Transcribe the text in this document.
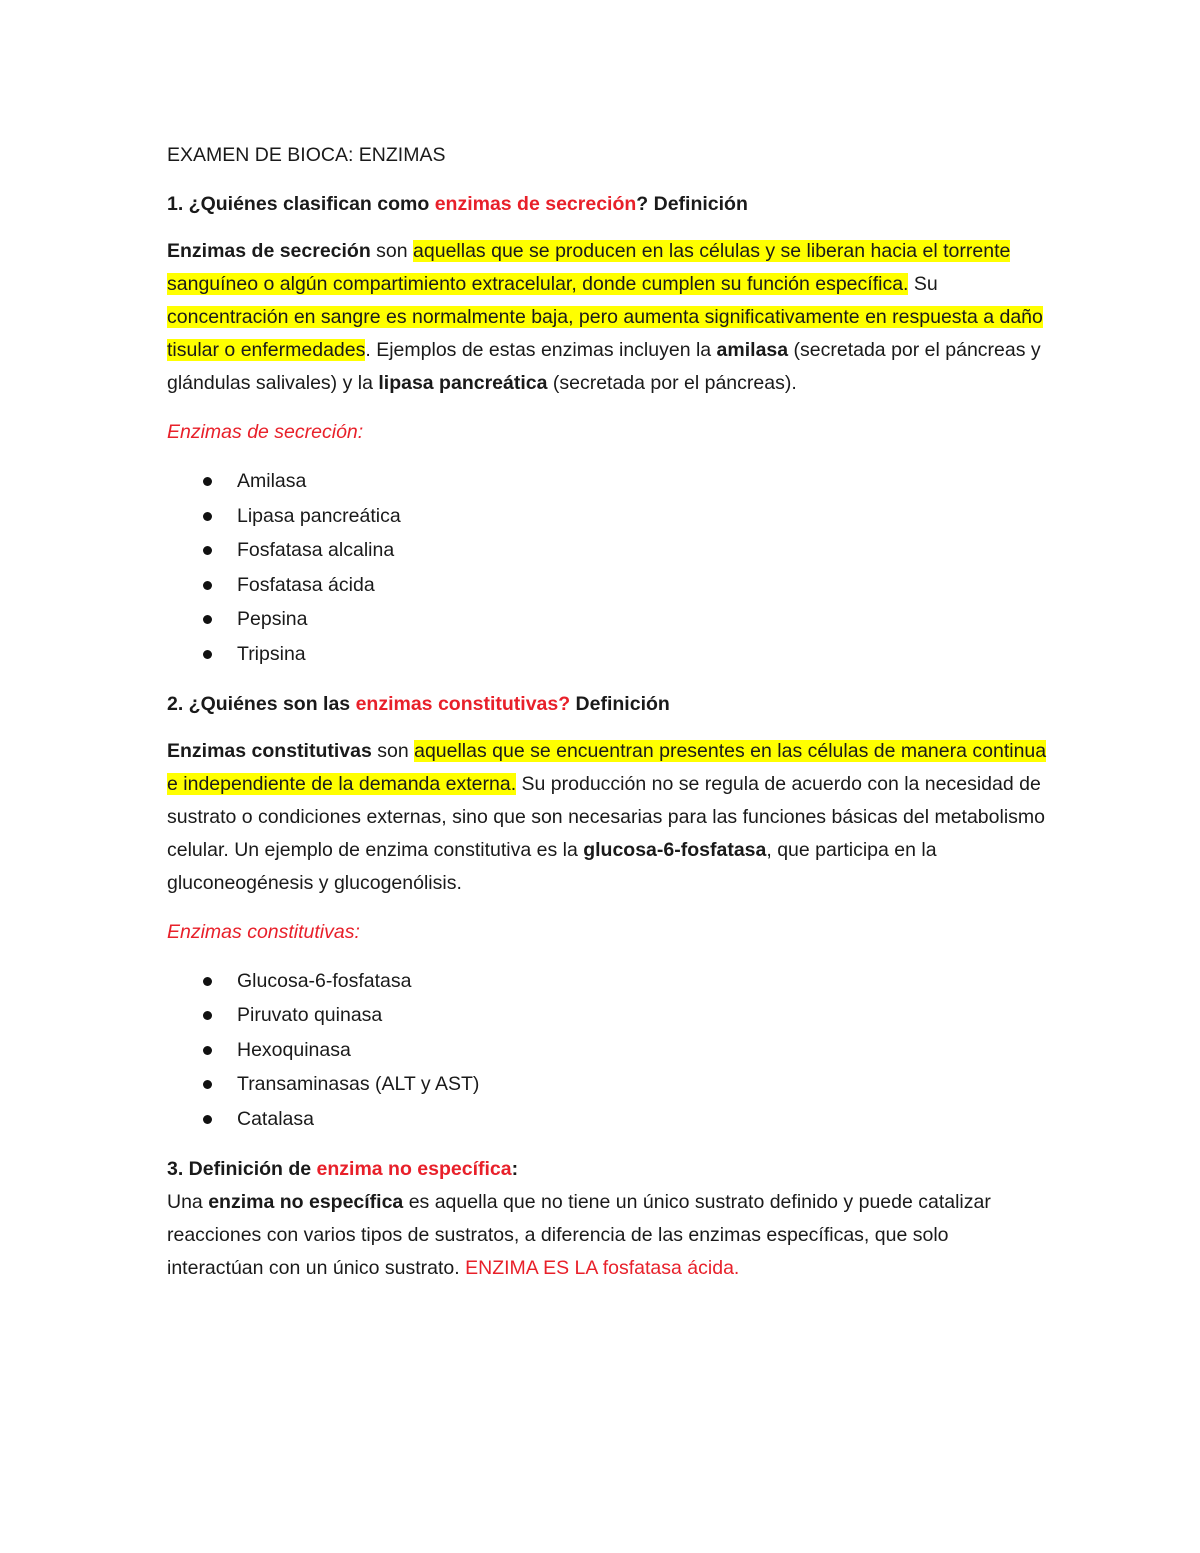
EXAMEN DE BIOCA: ENZIMAS
1. ¿Quiénes clasifican como enzimas de secreción? Definición
Enzimas de secreción son aquellas que se producen en las células y se liberan hacia el torrente sanguíneo o algún compartimiento extracelular, donde cumplen su función específica. Su concentración en sangre es normalmente baja, pero aumenta significativamente en respuesta a daño tisular o enfermedades. Ejemplos de estas enzimas incluyen la amilasa (secretada por el páncreas y glándulas salivales) y la lipasa pancreática (secretada por el páncreas).
Enzimas de secreción:
Amilasa
Lipasa pancreática
Fosfatasa alcalina
Fosfatasa ácida
Pepsina
Tripsina
2. ¿Quiénes son las enzimas constitutivas? Definición
Enzimas constitutivas son aquellas que se encuentran presentes en las células de manera continua e independiente de la demanda externa. Su producción no se regula de acuerdo con la necesidad de sustrato o condiciones externas, sino que son necesarias para las funciones básicas del metabolismo celular. Un ejemplo de enzima constitutiva es la glucosa-6-fosfatasa, que participa en la gluconeogénesis y glucogenólisis.
Enzimas constitutivas:
Glucosa-6-fosfatasa
Piruvato quinasa
Hexoquinasa
Transaminasas (ALT y AST)
Catalasa
3. Definición de enzima no específica:
Una enzima no específica es aquella que no tiene un único sustrato definido y puede catalizar reacciones con varios tipos de sustratos, a diferencia de las enzimas específicas, que solo interactúan con un único sustrato. ENZIMA ES LA fosfatasa ácida.
